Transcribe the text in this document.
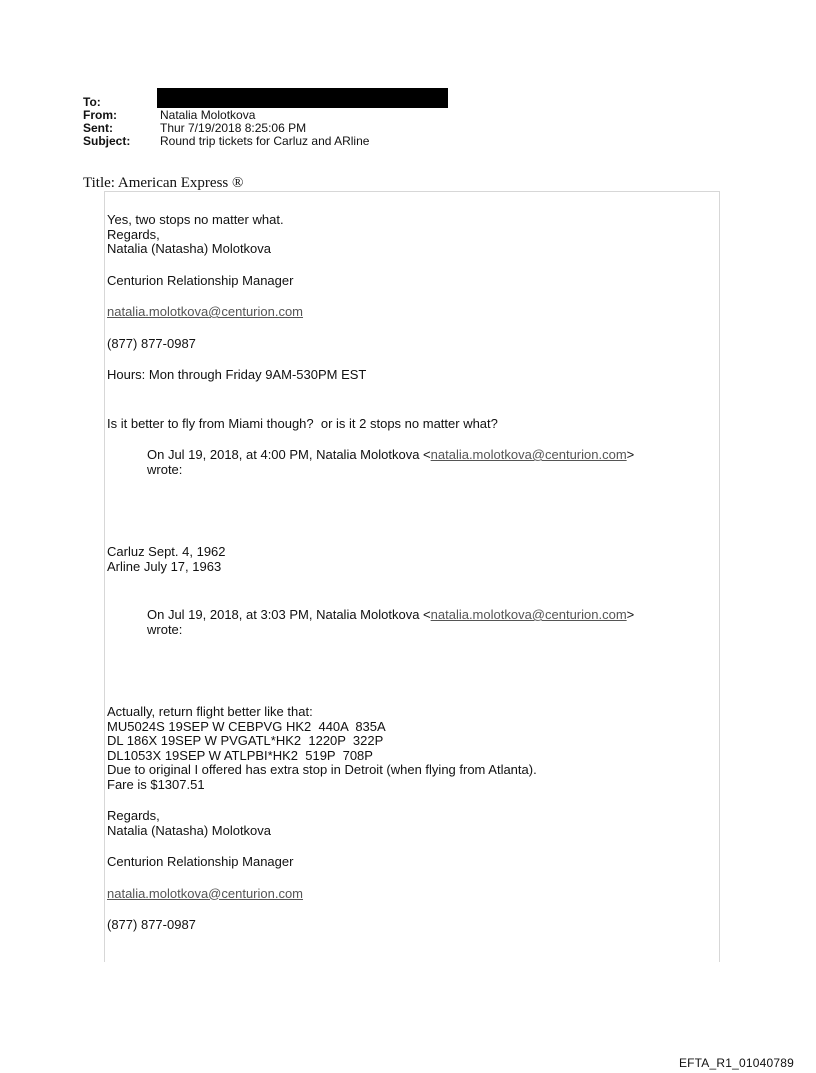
To:
From:	Natalia Molotkova
Sent:	Thur 7/19/2018 8:25:06 PM
Subject:	Round trip tickets for Carluz and ARline
Title: American Express ®

Yes, two stops no matter what.

Regards,

Natalia (Natasha) Molotkova

Centurion Relationship Manager

natalia.molotkova@centurion.com

(877) 877-0987

Hours: Mon through Friday 9AM-530PM EST

Is it better to fly from Miami though?  or is it 2 stops no matter what?

On Jul 19, 2018, at 4:00 PM, Natalia Molotkova <natalia.molotkova@centurion.com>

wrote:

Carluz Sept. 4, 1962

Arline July 17, 1963

On Jul 19, 2018, at 3:03 PM, Natalia Molotkova <natalia.molotkova@centurion.com>

wrote:

Actually, return flight better like that:

MU5024S 19SEP W CEBPVG HK2  440A  835A

DL 186X 19SEP W PVGATL*HK2  1220P  322P

DL1053X 19SEP W ATLPBI*HK2  519P  708P

Due to original I offered has extra stop in Detroit (when flying from Atlanta).

Fare is $1307.51

Regards,

Natalia (Natasha) Molotkova

Centurion Relationship Manager

natalia.molotkova@centurion.com

(877) 877-0987

EFTA_R1_01040789
